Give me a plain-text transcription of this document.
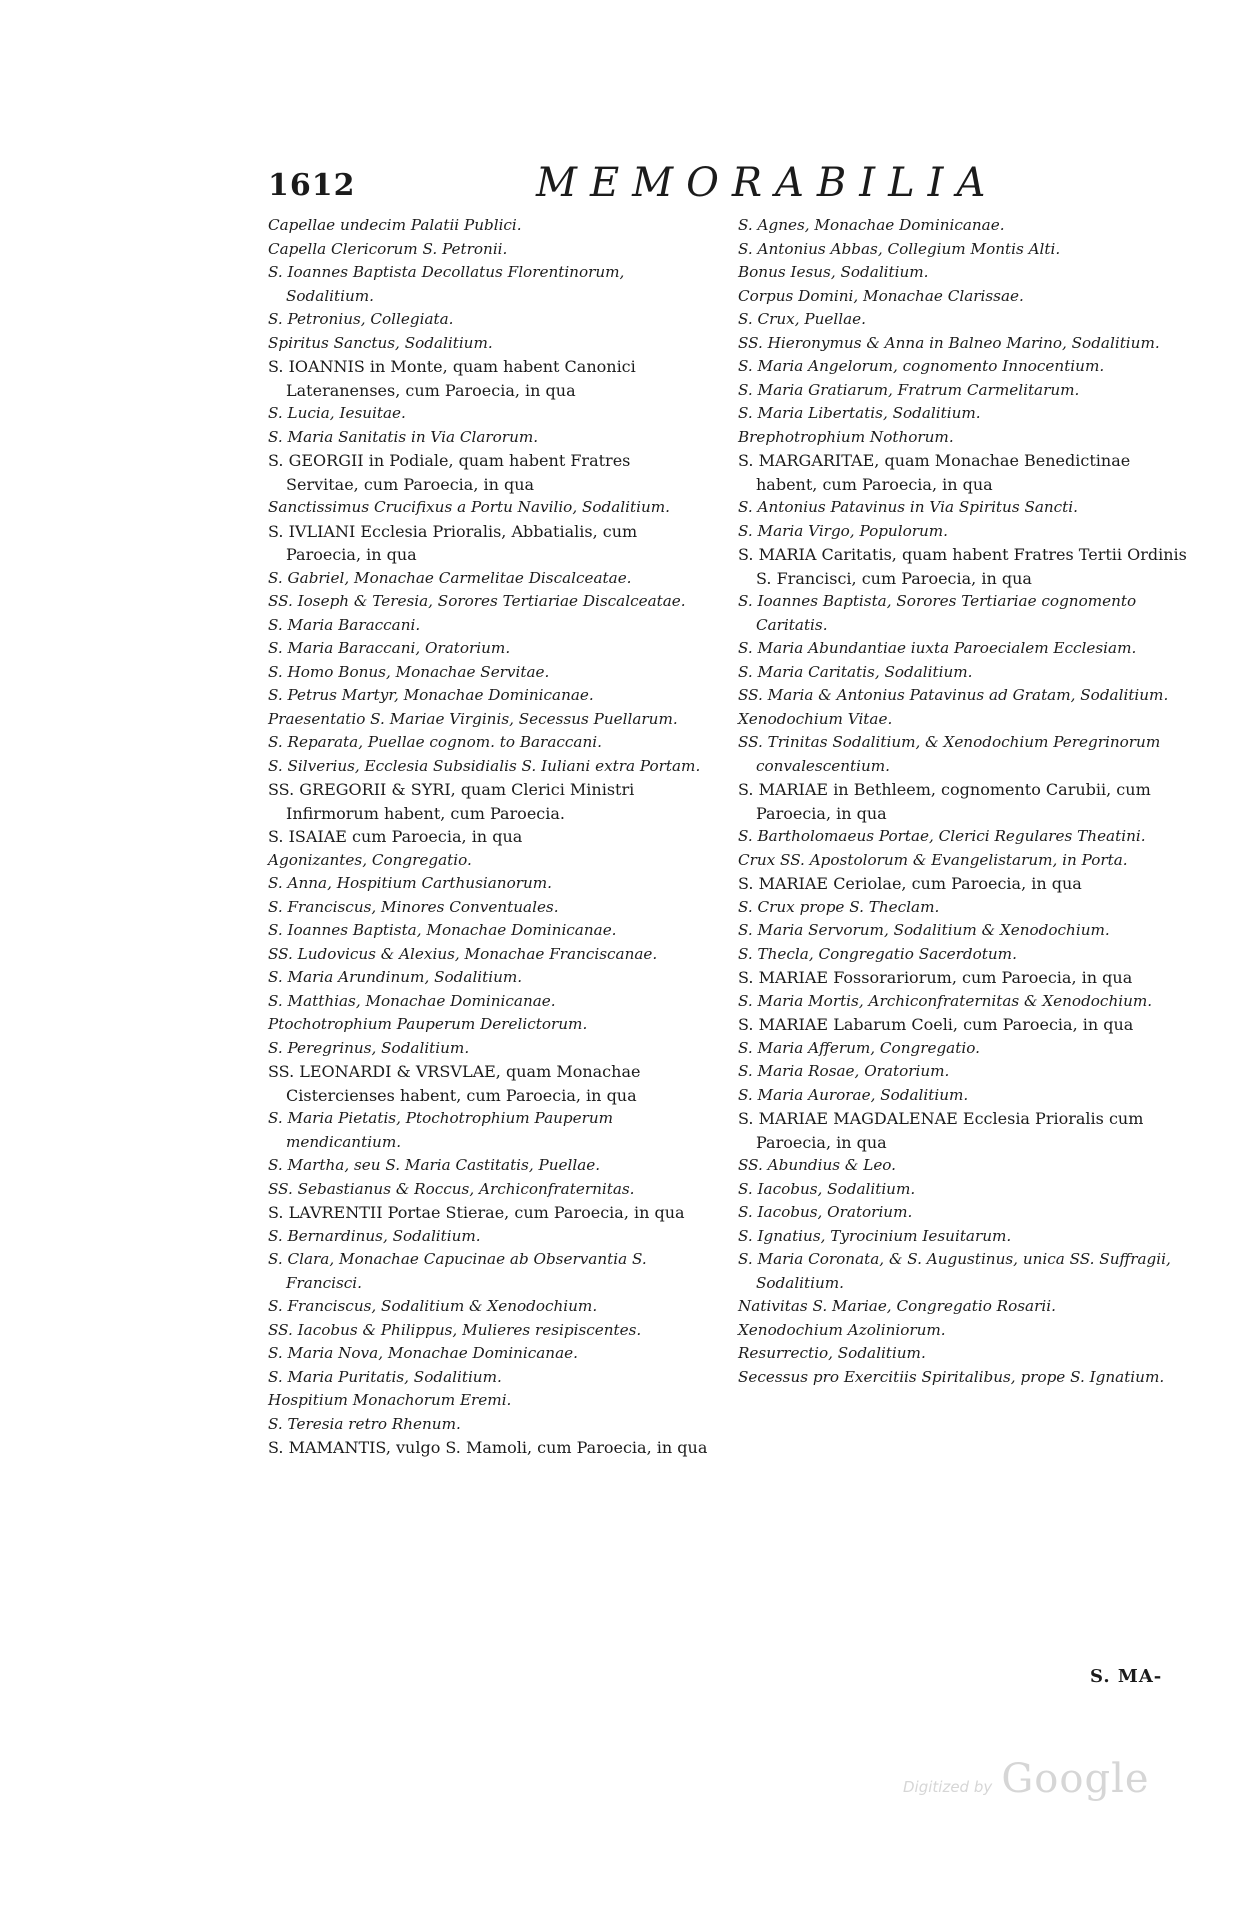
1612	MEMORABILIA

Capellae undecim Palatii Publici.

Capella Clericorum S. Petronii.

S. Ioannes Baptista Decollatus Florentinorum, Sodalitium.

S. Petronius, Collegiata.

Spiritus Sanctus, Sodalitium.

S. IOANNIS in Monte, quam habent Canonici Lateranenses, cum Paroecia, in qua

S. Lucia, Iesuitae.

S. Maria Sanitatis in Via Clarorum.

S. GEORGII in Podiale, quam habent Fratres Servitae, cum Paroecia, in qua

Sanctissimus Crucifixus a Portu Navilio, Sodalitium.

S. IVLIANI Ecclesia Prioralis, Abbatialis, cum Paroecia, in qua

S. Gabriel, Monachae Carmelitae Discalceatae.

SS. Ioseph & Teresia, Sorores Tertiariae Discalceatae.

S. Maria Baraccani.

S. Maria Baraccani, Oratorium.

S. Homo Bonus, Monachae Servitae.

S. Petrus Martyr, Monachae Dominicanae.

Praesentatio S. Mariae Virginis, Secessus Puellarum.

S. Reparata, Puellae cognom. to Baraccani.

S. Silverius, Ecclesia Subsidialis S. Iuliani extra Portam.

SS. GREGORII & SYRI, quam Clerici Ministri Infirmorum habent, cum Paroecia.

S. ISAIAE cum Paroecia, in qua

Agonizantes, Congregatio.

S. Anna, Hospitium Carthusianorum.

S. Franciscus, Minores Conventuales.

S. Ioannes Baptista, Monachae Dominicanae.

SS. Ludovicus & Alexius, Monachae Franciscanae.

S. Maria Arundinum, Sodalitium.

S. Matthias, Monachae Dominicanae.

Ptochotrophium Pauperum Derelictorum.

S. Peregrinus, Sodalitium.

SS. LEONARDI & VRSVLAE, quam Monachae Cistercienses habent, cum Paroecia, in qua

S. Maria Pietatis, Ptochotrophium Pauperum mendicantium.

S. Martha, seu S. Maria Castitatis, Puellae.

SS. Sebastianus & Roccus, Archiconfraternitas.

S. LAVRENTII Portae Stierae, cum Paroecia, in qua

S. Bernardinus, Sodalitium.

S. Clara, Monachae Capucinae ab Observantia S. Francisci.

S. Franciscus, Sodalitium & Xenodochium.

SS. Iacobus & Philippus, Mulieres resipiscentes.

S. Maria Nova, Monachae Dominicanae.

S. Maria Puritatis, Sodalitium.

Hospitium Monachorum Eremi.

S. Teresia retro Rhenum.

S. MAMANTIS, vulgo S. Mamoli, cum Paroecia, in qua

S. Agnes, Monachae Dominicanae.

S. Antonius Abbas, Collegium Montis Alti.

Bonus Iesus, Sodalitium.

Corpus Domini, Monachae Clarissae.

S. Crux, Puellae.

SS. Hieronymus & Anna in Balneo Marino, Sodalitium.

S. Maria Angelorum, cognomento Innocentium.

S. Maria Gratiarum, Fratrum Carmelitarum.

S. Maria Libertatis, Sodalitium.

Brephotrophium Nothorum.

S. MARGARITAE, quam Monachae Benedictinae habent, cum Paroecia, in qua

S. Antonius Patavinus in Via Spiritus Sancti.

S. Maria Virgo, Populorum.

S. MARIA Caritatis, quam habent Fratres Tertii Ordinis S. Francisci, cum Paroecia, in qua

S. Ioannes Baptista, Sorores Tertiariae cognomento Caritatis.

S. Maria Abundantiae iuxta Paroecialem Ecclesiam.

S. Maria Caritatis, Sodalitium.

SS. Maria & Antonius Patavinus ad Gratam, Sodalitium.

Xenodochium Vitae.

SS. Trinitas Sodalitium, & Xenodochium Peregrinorum convalescentium.

S. MARIAE in Bethleem, cognomento Carubii, cum Paroecia, in qua

S. Bartholomaeus Portae, Clerici Regulares Theatini.

Crux SS. Apostolorum & Evangelistarum, in Porta.

S. MARIAE Ceriolae, cum Paroecia, in qua

S. Crux prope S. Theclam.

S. Maria Servorum, Sodalitium & Xenodochium.

S. Thecla, Congregatio Sacerdotum.

S. MARIAE Fossorariorum, cum Paroecia, in qua

S. Maria Mortis, Archiconfraternitas & Xenodochium.

S. MARIAE Labarum Coeli, cum Paroecia, in qua

S. Maria Afferum, Congregatio.

S. Maria Rosae, Oratorium.

S. Maria Aurorae, Sodalitium.

S. MARIAE MAGDALENAE Ecclesia Prioralis cum Paroecia, in qua

SS. Abundius & Leo.

S. Iacobus, Sodalitium.

S. Iacobus, Oratorium.

S. Ignatius, Tyrocinium Iesuitarum.

S. Maria Coronata, & S. Augustinus, unica SS. Suffragii, Sodalitium.

Nativitas S. Mariae, Congregatio Rosarii.

Xenodochium Azoliniorum.

Resurrectio, Sodalitium.

Secessus pro Exercitiis Spiritalibus, prope S. Ignatium.

S. MA-
Digitized by Google
